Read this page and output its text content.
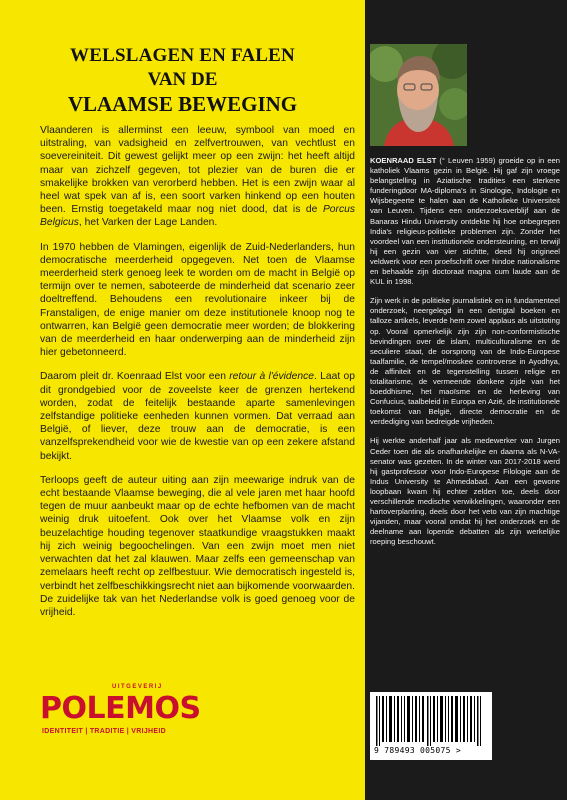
WELSLAGEN EN FALEN
VAN DE
VLAAMSE BEWEGING

Vlaanderen is allerminst een leeuw, symbool van moed en uitstraling, van vadsigheid en zelfvertrouwen, van vechtlust en soevereiniteit. Dit gewest gelijkt meer op een zwijn: het heeft altijd maar van zichzelf gegeven, tot plezier van de buren die er smakelijke brokken van verorberd hebben. Het is een zwijn waar al heel wat spek van af is, een soort varken hinkend op een houten been. Ernstig toegetakeld maar nog niet dood, dat is de Porcus Belgicus, het Varken der Lage Landen.

In 1970 hebben de Vlamingen, eigenlijk de Zuid-Nederlanders, hun democratische meerderheid opgegeven. Net toen de Vlaamse meerderheid sterk genoeg leek te worden om de macht in België op termijn over te nemen, saboteerde de minderheid dat scenario zeer doeltreffend. Behoudens een revolutionaire inkeer bij de Franstaligen, de enige manier om deze institutionele knoop nog te ontwarren, kan België geen democratie meer worden; de blokkering van de meerderheid en haar onderwerping aan de minderheid zijn hier gebetonneerd.

Daarom pleit dr. Koenraad Elst voor een retour à l'évidence. Laat op dit grondgebied voor de zoveelste keer de grenzen hertekend worden, zodat de feitelijk bestaande aparte samenlevingen zelfstandige politieke eenheden kunnen vormen. Dat verraad aan België, of liever, deze trouw aan de democratie, is een vanzelfsprekendheid voor wie de kwestie van op een zekere afstand bekijkt.

Terloops geeft de auteur uiting aan zijn meewarige indruk van de echt bestaande Vlaamse beweging, die al vele jaren met haar hoofd tegen de muur aanbeukt maar op de echte hefbomen van de macht weinig druk uitoefent. Ook over het Vlaamse volk en zijn beuzelachtige houding tegenover staatkundige vraagstukken maakt hij zich weinig begoochelingen. Van een zwijn moet men niet verwachten dat het zal klauwen. Maar zelfs een gemeenschap van zemelaars heeft recht op zelfbestuur. Wie democratisch ingesteld is, verbindt het zelfbeschikkingsrecht niet aan bijkomende voorwaarden. De zuidelijke tak van het Nederlandse volk is goed genoeg voor de vrijheid.

UITGEVERIJ
POLEMOS
IDENTITEIT | TRADITIE | VRIJHEID

KOENRAAD ELST (° Leuven 1959) groeide op in een katholiek Vlaams gezin in België. Hij gaf zijn vroege belangstelling in Aziatische tradities een sterkere funderingdoor MA-diploma's in Sinologie, Indologie en Wijsbegeerte te halen aan de Katholieke Universiteit van Leuven. Tijdens een onderzoeksverblijf aan de Banaras Hindu University ontdekte hij hoe onbegrepen India's religieus-politieke problemen zijn. Zonder het voordeel van een institutionele ondersteuning, en terwijl hij een gezin van vier stichtte, deed hij origineel veldwerk voor een proefschrift over hindoe nationalisme en behaalde zijn doctoraat magna cum laude aan de KUL in 1998.

Zijn werk in de politieke journalistiek en in fundamenteel onderzoek, neergelegd in een dertigtal boeken en talloze artikels, leverde hem zowel applaus als uitstoting op. Vooral opmerkelijk zijn zijn non-conformistische bevindingen over de islam, multiculturalisme en de seculiere staat, de oorsprong van de Indo-Europese taalfamilie, de tempel/moskee controverse in Ayodhya, de affiniteit en de tegenstelling tussen religie en totalitarisme, de vermeende donkere zijde van het boeddhisme, het maoïsme en de herleving van Confucius, taalbeleid in Europa en Azië, de institutionele toekomst van België, directe democratie en de verdediging van bedreigde vrijheden.

Hij werkte anderhalf jaar als medewerker van Jurgen Ceder toen die als onafhankelijke en daarna als N-VA-senator was gezeten. In de winter van 2017-2018 werd hij gastprofessor voor Indo-Europese Filologie aan de Indus University te Ahmedabad. Aan een gewone loopbaan kwam hij echter zelden toe, deels door verschillende medische verwikkelingen, waaronder een hartoverplanting, deels door het veto van zijn machtige vijanden, maar vooral omdat hij het onderzoek en de deelname aan lopende debatten als zijn werkelijke roeping beschouwt.

9 789493 005075 >
